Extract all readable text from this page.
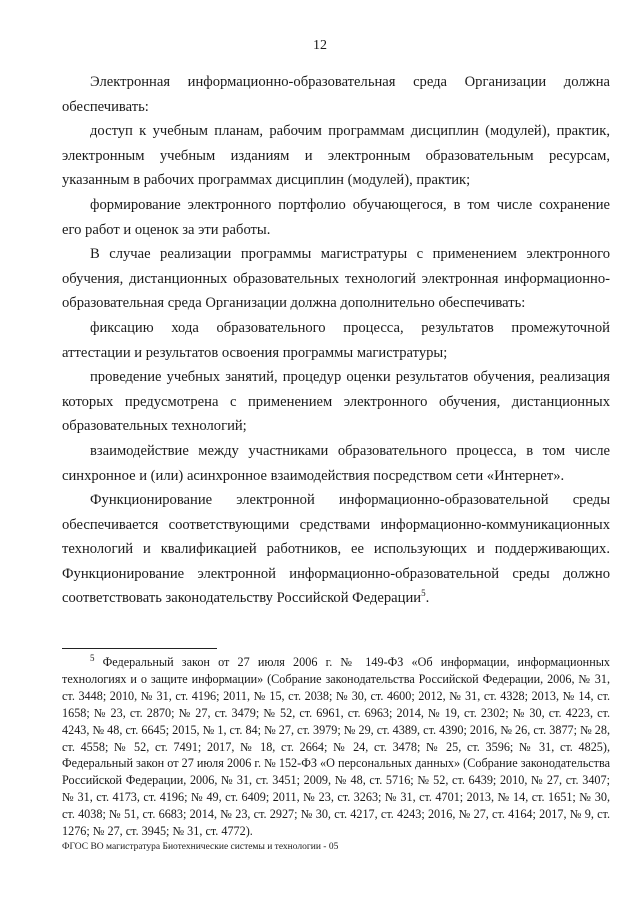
12

Электронная информационно-образовательная среда Организации должна обеспечивать:

доступ к учебным планам, рабочим программам дисциплин (модулей), практик, электронным учебным изданиям и электронным образовательным ресурсам, указанным в рабочих программах дисциплин (модулей), практик;

формирование электронного портфолио обучающегося, в том числе сохранение его работ и оценок за эти работы.

В случае реализации программы магистратуры с применением электронного обучения, дистанционных образовательных технологий электронная информационно-образовательная среда Организации должна дополнительно обеспечивать:

фиксацию хода образовательного процесса, результатов промежуточной аттестации и результатов освоения программы магистратуры;

проведение учебных занятий, процедур оценки результатов обучения, реализация которых предусмотрена с применением электронного обучения, дистанционных образовательных технологий;

взаимодействие между участниками образовательного процесса, в том числе синхронное и (или) асинхронное взаимодействия посредством сети «Интернет».

Функционирование электронной информационно-образовательной среды обеспечивается соответствующими средствами информационно-коммуникационных технологий и квалификацией работников, ее использующих и поддерживающих. Функционирование электронной информационно-образовательной среды должно соответствовать законодательству Российской Федерации$^5$.

$^5$ Федеральный закон от 27 июля 2006 г. № 149-ФЗ «Об информации, информационных технологиях и о защите информации» (Собрание законодательства Российской Федерации, 2006, № 31, ст. 3448; 2010, № 31, ст. 4196; 2011, № 15, ст. 2038; № 30, ст. 4600; 2012, № 31, ст. 4328; 2013, № 14, ст. 1658; № 23, ст. 2870; № 27, ст. 3479; № 52, ст. 6961, ст. 6963; 2014, № 19, ст. 2302; № 30, ст. 4223, ст. 4243, № 48, ст. 6645; 2015, № 1, ст. 84; № 27, ст. 3979; № 29, ст. 4389, ст. 4390; 2016, № 26, ст. 3877; № 28, ст. 4558; № 52, ст. 7491; 2017, № 18, ст. 2664; № 24, ст. 3478; № 25, ст. 3596; № 31, ст. 4825), Федеральный закон от 27 июля 2006 г. № 152-ФЗ «О персональных данных» (Собрание законодательства Российской Федерации, 2006, № 31, ст. 3451; 2009, № 48, ст. 5716; № 52, ст. 6439; 2010, № 27, ст. 3407; № 31, ст. 4173, ст. 4196; № 49, ст. 6409; 2011, № 23, ст. 3263; № 31, ст. 4701; 2013, № 14, ст. 1651; № 30, ст. 4038; № 51, ст. 6683; 2014, № 23, ст. 2927; № 30, ст. 4217, ст. 4243; 2016, № 27, ст. 4164; 2017, № 9, ст. 1276; № 27, ст. 3945; № 31, ст. 4772).
ФГОС ВО магистратура Биотехнические системы и технологии - 05
